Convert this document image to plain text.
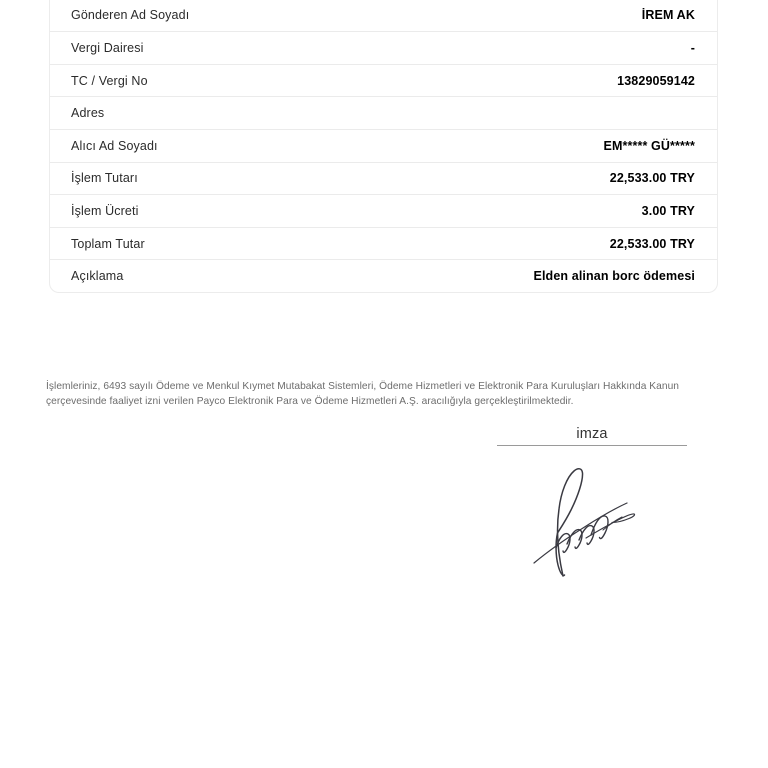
Gönderen Ad Soyadı	İREM AK
Vergi Dairesi	-
TC / Vergi No	13829059142
Adres
Alıcı Ad Soyadı	EM***** GÜ*****
İşlem Tutarı	22,533.00 TRY
İşlem Ücreti	3.00 TRY
Toplam Tutar	22,533.00 TRY
Açıklama	Elden alinan borc ödemesi

İşlemleriniz, 6493 sayılı Ödeme ve Menkul Kıymet Mutabakat Sistemleri, Ödeme Hizmetleri ve Elektronik Para Kuruluşları Hakkında Kanun çerçevesinde faaliyet izni verilen Payco Elektronik Para ve Ödeme Hizmetleri A.Ş. aracılığıyla gerçekleştirilmektedir.

imza
